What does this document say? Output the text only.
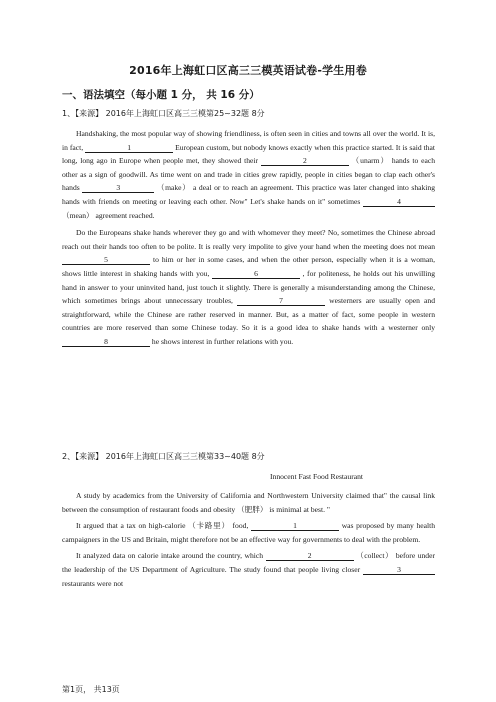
2016年上海虹口区高三三模英语试卷-学生用卷
一、语法填空（每小题 1 分， 共 16 分）
1、【来源】 2016年上海虹口区高三三模第25~32题 8分

Handshaking, the most popular way of showing friendliness, is often seen in cities and towns all over the world. It is, in fact,	1	European custom, but nobody knows exactly when this practice started. It is said that long, long ago in Europe when people met, they showed their	2	（unarm） hands to each other as a sign of goodwill. As time went on and trade in cities grew rapidly, people in cities began to clap each other's hands	3	（make） a deal or to reach an agreement. This practice was later changed into shaking hands with friends on meeting or leaving each other. Now" Let's shake hands on it" sometimes	4 （mean） agreement reached.

Do the Europeans shake hands wherever they go and with whomever they meet? No, sometimes the Chinese abroad reach out their hands too often to be polite. It is really very impolite to give your hand when the meeting does not mean 5	to him or her in some cases, and when the other person, especially when it is a woman, shows little interest in shaking hands with you,	6	, for politeness, he holds out his unwilling hand in answer to your uninvited hand, just touch it slightly. There is generally a misunderstanding among the Chinese, which sometimes brings about unnecessary troubles,	7	westerners are usually open and straightforward, while the Chinese are rather reserved in manner. But, as a matter of fact, some people in western countries are more reserved than some Chinese today. So it is a good idea to shake hands with a westerner only 8	he shows interest in further relations with you.

2、【来源】 2016年上海虹口区高三三模第33~40题 8分
Innocent Fast Food Restaurant

A study by academics from the University of California and Northwestern University claimed that" the causal link between the consumption of restaurant foods and obesity （肥胖） is minimal at best. "

It argued that a tax on high-calorie （卡路里） food,	1	was proposed by many health campaigners in the US and Britain, might therefore not be an effective way for governments to deal with the problem.

It analyzed data on calorie intake around the country, which	2	（collect） before under the leadership of the US Department of Agriculture. The study found that people living closer	3 restaurants were not

第1页， 共13页
